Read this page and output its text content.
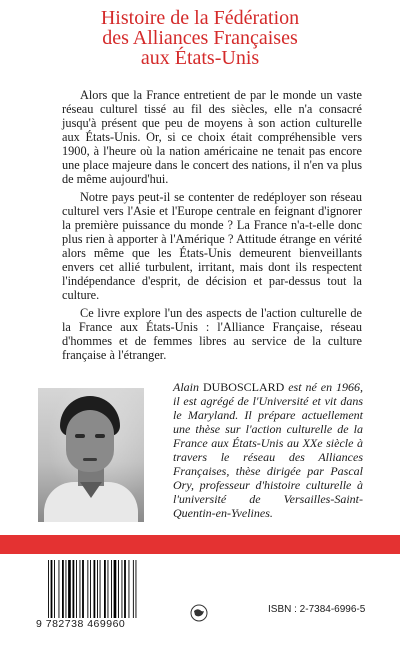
Histoire de la Fédération
des Alliances Françaises
aux États-Unis

Alors que la France entretient de par le monde un vaste réseau culturel tissé au fil des siècles, elle n'a consacré jusqu'à présent que peu de moyens à son action culturelle aux États-Unis. Or, si ce choix était compréhensible vers 1900, à l'heure où la nation américaine ne tenait pas encore une place majeure dans le concert des nations, il n'en va plus de même aujourd'hui.

Notre pays peut-il se contenter de redéployer son réseau culturel vers l'Asie et l'Europe centrale en feignant d'ignorer la première puissance du monde ? La France n'a-t-elle donc plus rien à apporter à l'Amérique ? Attitude étrange en vérité alors même que les États-Unis demeurent bienveillants envers cet allié turbulent, irritant, mais dont ils respectent l'indépendance d'esprit, de décision et par-dessus tout la culture.

Ce livre explore l'un des aspects de l'action culturelle de la France aux États-Unis : l'Alliance Française, réseau d'hommes et de femmes libres au service de la culture française à l'étranger.

Alain DUBOSCLARD est né en 1966, il est agrégé de l'Université et vit dans le Maryland. Il prépare actuellement une thèse sur l'action culturelle de la France aux États-Unis au XXe siècle à travers le réseau des Alliances Françaises, thèse dirigée par Pascal Ory, professeur d'histoire culturelle à l'université de Versailles-Saint-Quentin-en-Yvelines.
9 782738 469960
ISBN : 2-7384-6996-5
